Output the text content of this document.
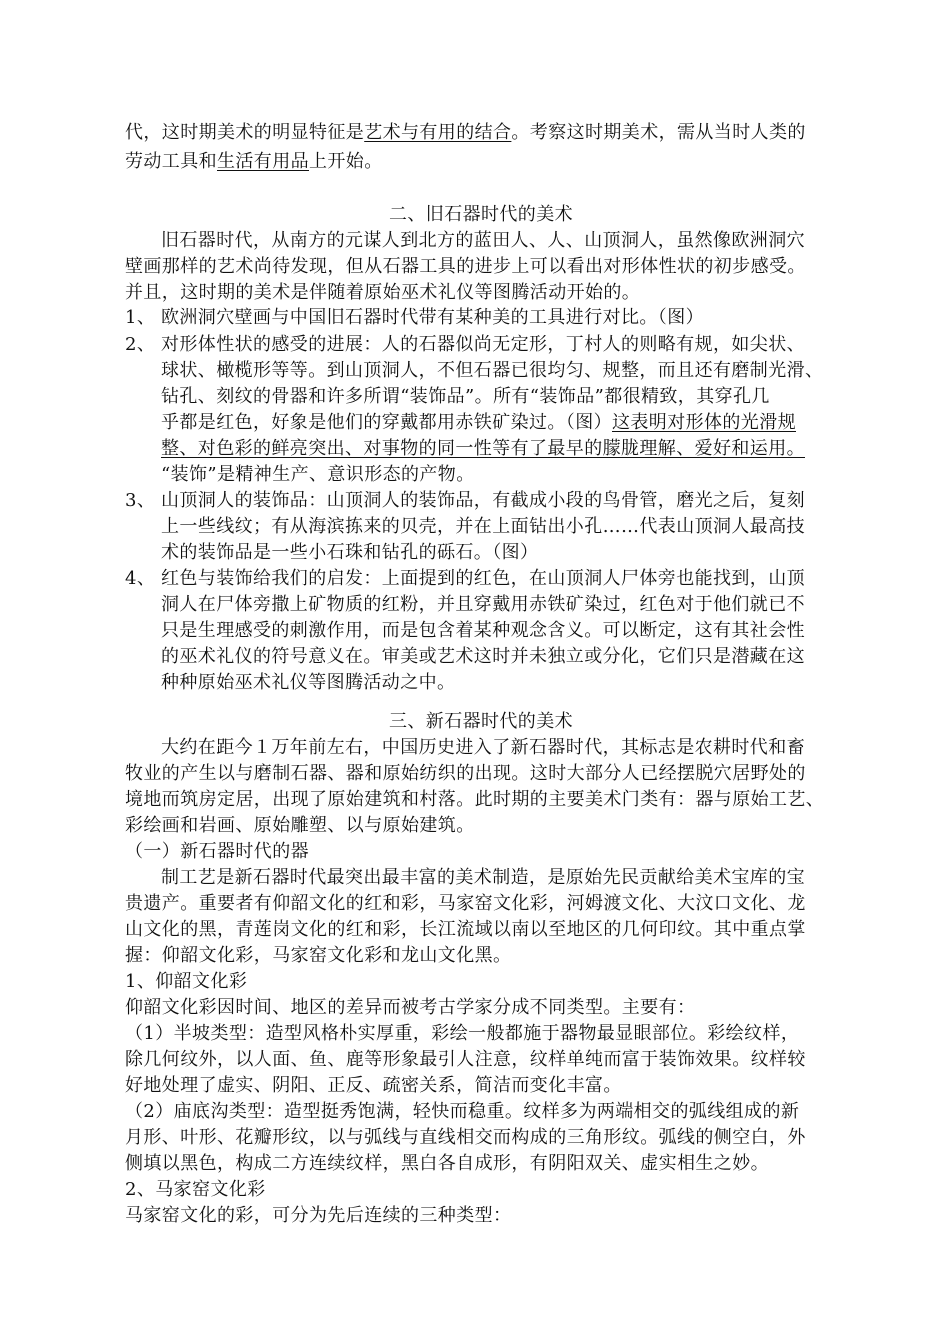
代，这时期美术的明显特征是艺术与有用的结合。考察这时期美术，需从当时人类的
劳动工具和生活有用品上开始。
二、旧石器时代的美术
旧石器时代，从南方的元谋人到北方的蓝田人、人、山顶洞人，虽然像欧洲洞穴
壁画那样的艺术尚待发现，但从石器工具的进步上可以看出对形体性状的初步感受。
并且，这时期的美术是伴随着原始巫术礼仪等图腾活动开始的。
1、 欧洲洞穴壁画与中国旧石器时代带有某种美的工具进行对比。（图）
2、 对形体性状的感受的进展：人的石器似尚无定形，丁村人的则略有规，如尖状、
球状、橄榄形等等。到山顶洞人，不但石器已很均匀、规整，而且还有磨制光滑、
钻孔、刻纹的骨器和许多所谓“装饰品”。所有“装饰品”都很精致，其穿孔几
乎都是红色，好象是他们的穿戴都用赤铁矿染过。（图）这表明对形体的光滑规
整、对色彩的鲜亮突出、对事物的同一性等有了最早的朦胧理解、爱好和运用。
“装饰”是精神生产、意识形态的产物。
3、 山顶洞人的装饰品：山顶洞人的装饰品，有截成小段的鸟骨管，磨光之后，复刻
上一些线纹；有从海滨拣来的贝壳，并在上面钻出小孔……代表山顶洞人最高技
术的装饰品是一些小石珠和钻孔的砾石。（图）
4、 红色与装饰给我们的启发：上面提到的红色，在山顶洞人尸体旁也能找到，山顶
洞人在尸体旁撒上矿物质的红粉，并且穿戴用赤铁矿染过，红色对于他们就已不
只是生理感受的刺激作用，而是包含着某种观念含义。可以断定，这有其社会性
的巫术礼仪的符号意义在。审美或艺术这时并未独立或分化，它们只是潜藏在这
种种原始巫术礼仪等图腾活动之中。
三、新石器时代的美术
大约在距今１万年前左右，中国历史进入了新石器时代，其标志是农耕时代和畜
牧业的产生以与磨制石器、器和原始纺织的出现。这时大部分人已经摆脱穴居野处的
境地而筑房定居，出现了原始建筑和村落。此时期的主要美术门类有：器与原始工艺、
彩绘画和岩画、原始雕塑、以与原始建筑。
（一）新石器时代的器
制工艺是新石器时代最突出最丰富的美术制造，是原始先民贡献给美术宝库的宝
贵遗产。重要者有仰韶文化的红和彩，马家窑文化彩，河姆渡文化、大汶口文化、龙
山文化的黑，青莲岗文化的红和彩，长江流域以南以至地区的几何印纹。其中重点掌
握：仰韶文化彩，马家窑文化彩和龙山文化黑。
1、仰韶文化彩
仰韶文化彩因时间、地区的差异而被考古学家分成不同类型。主要有：
（1）半坡类型：造型风格朴实厚重，彩绘一般都施于器物最显眼部位。彩绘纹样，
除几何纹外，以人面、鱼、鹿等形象最引人注意，纹样单纯而富于装饰效果。纹样较
好地处理了虚实、阴阳、正反、疏密关系，简洁而变化丰富。
（2）庙底沟类型：造型挺秀饱满，轻快而稳重。纹样多为两端相交的弧线组成的新
月形、叶形、花瓣形纹，以与弧线与直线相交而构成的三角形纹。弧线的侧空白，外
侧填以黑色，构成二方连续纹样，黑白各自成形，有阴阳双关、虚实相生之妙。
2、马家窑文化彩
马家窑文化的彩，可分为先后连续的三种类型：
